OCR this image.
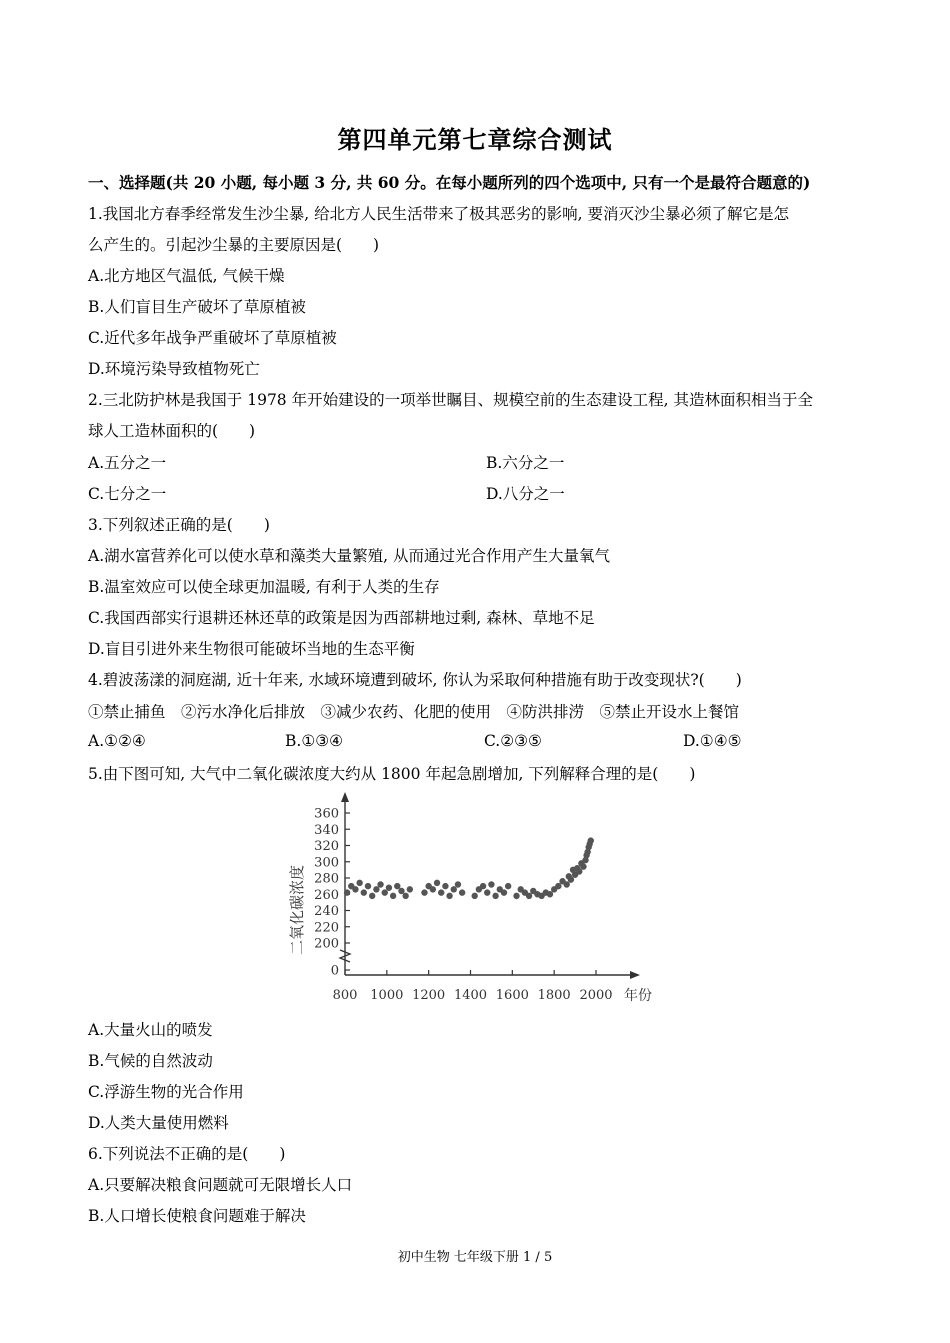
第四单元第七章综合测试
一、选择题(共 20 小题, 每小题 3 分, 共 60 分。在每小题所列的四个选项中, 只有一个是最符合题意的)
1.我国北方春季经常发生沙尘暴, 给北方人民生活带来了极其恶劣的影响, 要消灭沙尘暴必须了解它是怎
么产生的。引起沙尘暴的主要原因是(　　)
A.北方地区气温低, 气候干燥
B.人们盲目生产破坏了草原植被
C.近代多年战争严重破坏了草原植被
D.环境污染导致植物死亡
2.三北防护林是我国于 1978 年开始建设的一项举世瞩目、规模空前的生态建设工程, 其造林面积相当于全
球人工造林面积的(　　)
A.五分之一	B.六分之一
C.七分之一	D.八分之一
3.下列叙述正确的是(　　)
A.湖水富营养化可以使水草和藻类大量繁殖, 从而通过光合作用产生大量氧气
B.温室效应可以使全球更加温暖, 有利于人类的生存
C.我国西部实行退耕还林还草的政策是因为西部耕地过剩, 森林、草地不足
D.盲目引进外来生物很可能破坏当地的生态平衡
4.碧波荡漾的洞庭湖, 近十年来, 水域环境遭到破坏, 你认为采取何种措施有助于改变现状?(　　)
①禁止捕鱼　②污水净化后排放　③减少农药、化肥的使用　④防洪排涝　⑤禁止开设水上餐馆
A.①②④	B.①③④	C.②③⑤	D.①④⑤
5.由下图可知, 大气中二氧化碳浓度大约从 1800 年起急剧增加, 下列解释合理的是(　　)
二氧化碳浓度
年份
0
200
220
240
260
280
300
320
340
360
800 1000 1200 1400 1600 1800 2000
A.大量火山的喷发
B.气候的自然波动
C.浮游生物的光合作用
D.人类大量使用燃料
6.下列说法不正确的是(　　)
A.只要解决粮食问题就可无限增长人口
B.人口增长使粮食问题难于解决
初中生物 七年级下册 1 / 5
